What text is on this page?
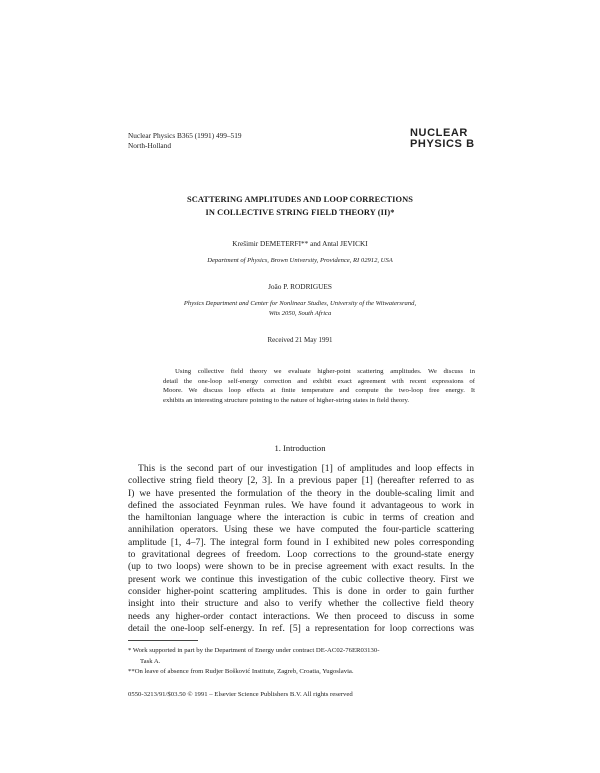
Nuclear Physics B365 (1991) 499–519
North-Holland
NUCLEAR
PHYSICS B
SCATTERING AMPLITUDES AND LOOP CORRECTIONS
IN COLLECTIVE STRING FIELD THEORY (II)*
Krešimir DEMETERFI** and Antal JEVICKI
Department of Physics, Brown University, Providence, RI 02912, USA
João P. RODRIGUES
Physics Department and Center for Nonlinear Studies, University of the Witwatersrand,
Wits 2050, South Africa
Received 21 May 1991
Using collective field theory we evaluate higher-point scattering amplitudes. We discuss in
detail the one-loop self-energy correction and exhibit exact agreement with recent expressions of
Moore. We discuss loop effects at finite temperature and compute the two-loop free energy. It
exhibits an interesting structure pointing to the nature of higher-string states in field theory.
1. Introduction
This is the second part of our investigation [1] of amplitudes and loop effects in
collective string field theory [2, 3]. In a previous paper [1] (hereafter referred to as
I) we have presented the formulation of the theory in the double-scaling limit and
defined the associated Feynman rules. We have found it advantageous to work in
the hamiltonian language where the interaction is cubic in terms of creation and
annihilation operators. Using these we have computed the four-particle scattering
amplitude [1, 4–7]. The integral form found in I exhibited new poles corresponding
to gravitational degrees of freedom. Loop corrections to the ground-state energy
(up to two loops) were shown to be in precise agreement with exact results. In the
present work we continue this investigation of the cubic collective theory. First we
consider higher-point scattering amplitudes. This is done in order to gain further
insight into their structure and also to verify whether the collective field theory
needs any higher-order contact interactions. We then proceed to discuss in some
detail the one-loop self-energy. In ref. [5] a representation for loop corrections was
* Work supported in part by the Department of Energy under contract DE-AC02-76ER03130-
Task A.
**On leave of absence from Rudjer Bošković Institute, Zagreb, Croatia, Yugoslavia.
0550-3213/91/$03.50 © 1991 – Elsevier Science Publishers B.V. All rights reserved
